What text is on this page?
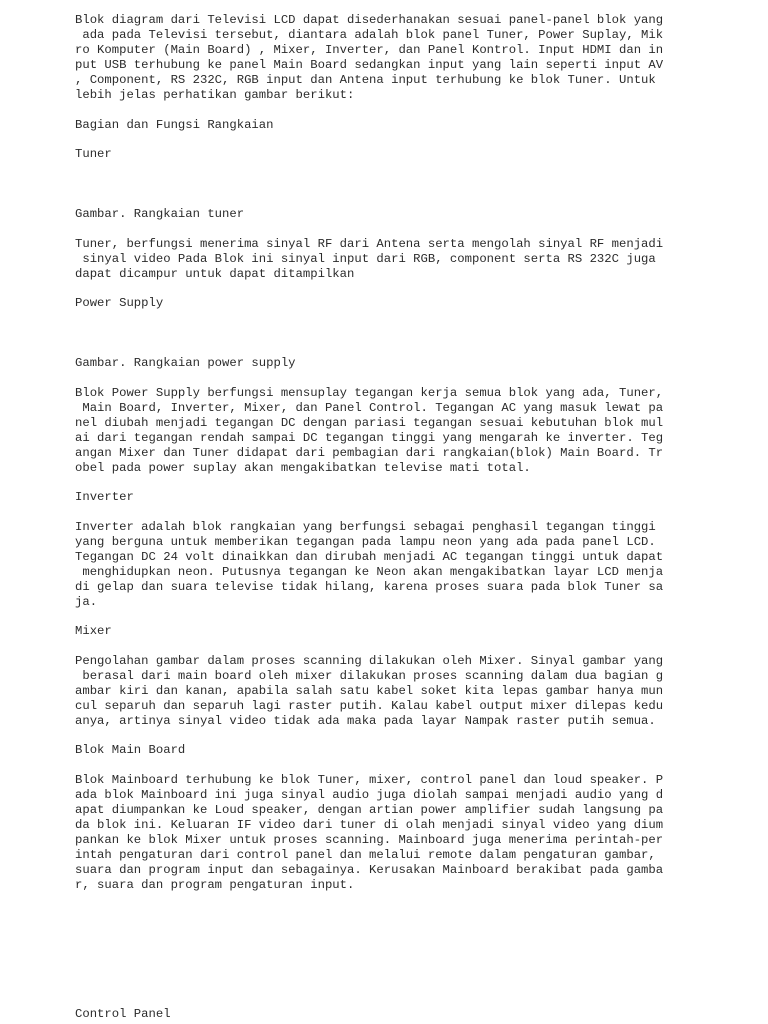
Blok diagram dari Televisi LCD dapat disederhanakan sesuai panel-panel blok yang

ada pada Televisi tersebut, diantara adalah blok panel Tuner, Power Suplay, Mik

ro Komputer (Main Board) , Mixer, Inverter, dan Panel Kontrol. Input HDMI dan in

put USB terhubung ke panel Main Board sedangkan input yang lain seperti input AV

, Component, RS 232C, RGB input dan Antena input terhubung ke blok Tuner. Untuk

lebih jelas perhatikan gambar berikut:

Bagian dan Fungsi Rangkaian

Tuner

Gambar. Rangkaian tuner

Tuner, berfungsi menerima sinyal RF dari Antena serta mengolah sinyal RF menjadi

sinyal video Pada Blok ini sinyal input dari RGB, component serta RS 232C juga

dapat dicampur untuk dapat ditampilkan

Power Supply

Gambar. Rangkaian power supply

Blok Power Supply berfungsi mensuplay tegangan kerja semua blok yang ada, Tuner,

Main Board, Inverter, Mixer, dan Panel Control. Tegangan AC yang masuk lewat pa

nel diubah menjadi tegangan DC dengan pariasi tegangan sesuai kebutuhan blok mul

ai dari tegangan rendah sampai DC tegangan tinggi yang mengarah ke inverter. Teg

angan Mixer dan Tuner didapat dari pembagian dari rangkaian(blok) Main Board. Tr

obel pada power suplay akan mengakibatkan televise mati total.

Inverter

Inverter adalah blok rangkaian yang berfungsi sebagai penghasil tegangan tinggi

yang berguna untuk memberikan tegangan pada lampu neon yang ada pada panel LCD.

Tegangan DC 24 volt dinaikkan dan dirubah menjadi AC tegangan tinggi untuk dapat

menghidupkan neon. Putusnya tegangan ke Neon akan mengakibatkan layar LCD menja

di gelap dan suara televise tidak hilang, karena proses suara pada blok Tuner sa

ja.

Mixer

Pengolahan gambar dalam proses scanning dilakukan oleh Mixer. Sinyal gambar yang

berasal dari main board oleh mixer dilakukan proses scanning dalam dua bagian g

ambar kiri dan kanan, apabila salah satu kabel soket kita lepas gambar hanya mun

cul separuh dan separuh lagi raster putih. Kalau kabel output mixer dilepas kedu

anya, artinya sinyal video tidak ada maka pada layar Nampak raster putih semua.

Blok Main Board

Blok Mainboard terhubung ke blok Tuner, mixer, control panel dan loud speaker. P

ada blok Mainboard ini juga sinyal audio juga diolah sampai menjadi audio yang d

apat diumpankan ke Loud speaker, dengan artian power amplifier sudah langsung pa

da blok ini. Keluaran IF video dari tuner di olah menjadi sinyal video yang dium

pankan ke blok Mixer untuk proses scanning. Mainboard juga menerima perintah-per

intah pengaturan dari control panel dan melalui remote dalam pengaturan gambar,

suara dan program input dan sebagainya. Kerusakan Mainboard berakibat pada gamba

r, suara dan program pengaturan input.

Control Panel
